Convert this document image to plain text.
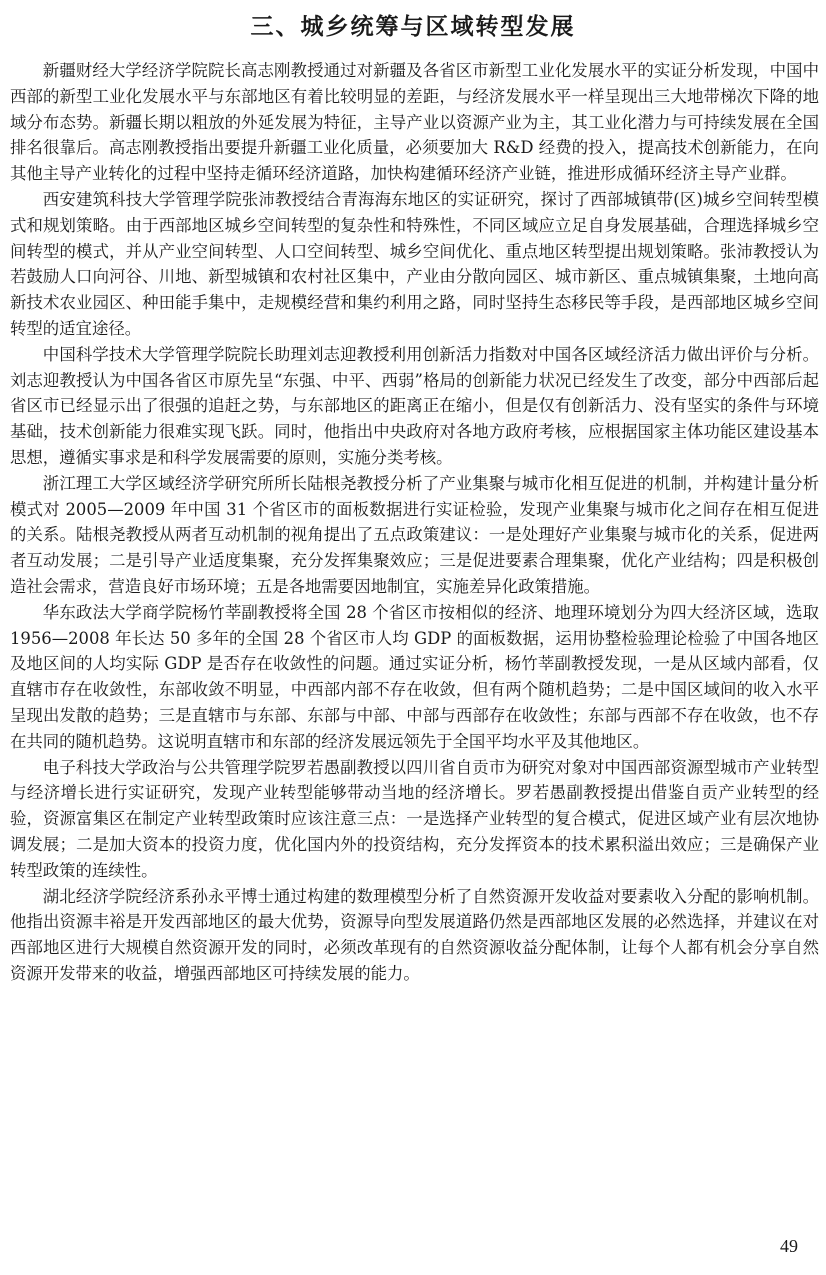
三、城乡统筹与区域转型发展

新疆财经大学经济学院院长高志刚教授通过对新疆及各省区市新型工业化发展水平的实证分析发现，中国中西部的新型工业化发展水平与东部地区有着比较明显的差距，与经济发展水平一样呈现出三大地带梯次下降的地域分布态势。新疆长期以粗放的外延发展为特征，主导产业以资源产业为主，其工业化潜力与可持续发展在全国排名很靠后。高志刚教授指出要提升新疆工业化质量，必须要加大 R&D 经费的投入，提高技术创新能力，在向其他主导产业转化的过程中坚持走循环经济道路，加快构建循环经济产业链，推进形成循环经济主导产业群。

西安建筑科技大学管理学院张沛教授结合青海海东地区的实证研究，探讨了西部城镇带(区)城乡空间转型模式和规划策略。由于西部地区城乡空间转型的复杂性和特殊性，不同区域应立足自身发展基础，合理选择城乡空间转型的模式，并从产业空间转型、人口空间转型、城乡空间优化、重点地区转型提出规划策略。张沛教授认为若鼓励人口向河谷、川地、新型城镇和农村社区集中，产业由分散向园区、城市新区、重点城镇集聚，土地向高新技术农业园区、种田能手集中，走规模经营和集约利用之路，同时坚持生态移民等手段，是西部地区城乡空间转型的适宜途径。

中国科学技术大学管理学院院长助理刘志迎教授利用创新活力指数对中国各区域经济活力做出评价与分析。刘志迎教授认为中国各省区市原先呈“东强、中平、西弱”格局的创新能力状况已经发生了改变，部分中西部后起省区市已经显示出了很强的追赶之势，与东部地区的距离正在缩小，但是仅有创新活力、没有坚实的条件与环境基础，技术创新能力很难实现飞跃。同时，他指出中央政府对各地方政府考核，应根据国家主体功能区建设基本思想，遵循实事求是和科学发展需要的原则，实施分类考核。

浙江理工大学区域经济学研究所所长陆根尧教授分析了产业集聚与城市化相互促进的机制，并构建计量分析模式对 2005—2009 年中国 31 个省区市的面板数据进行实证检验，发现产业集聚与城市化之间存在相互促进的关系。陆根尧教授从两者互动机制的视角提出了五点政策建议：一是处理好产业集聚与城市化的关系，促进两者互动发展；二是引导产业适度集聚，充分发挥集聚效应；三是促进要素合理集聚，优化产业结构；四是积极创造社会需求，营造良好市场环境；五是各地需要因地制宜，实施差异化政策措施。

华东政法大学商学院杨竹莘副教授将全国 28 个省区市按相似的经济、地理环境划分为四大经济区域，选取 1956—2008 年长达 50 多年的全国 28 个省区市人均 GDP 的面板数据，运用协整检验理论检验了中国各地区及地区间的人均实际 GDP 是否存在收敛性的问题。通过实证分析，杨竹莘副教授发现，一是从区域内部看，仅直辖市存在收敛性，东部收敛不明显，中西部内部不存在收敛，但有两个随机趋势；二是中国区域间的收入水平呈现出发散的趋势；三是直辖市与东部、东部与中部、中部与西部存在收敛性；东部与西部不存在收敛，也不存在共同的随机趋势。这说明直辖市和东部的经济发展远领先于全国平均水平及其他地区。

电子科技大学政治与公共管理学院罗若愚副教授以四川省自贡市为研究对象对中国西部资源型城市产业转型与经济增长进行实证研究，发现产业转型能够带动当地的经济增长。罗若愚副教授提出借鉴自贡产业转型的经验，资源富集区在制定产业转型政策时应该注意三点：一是选择产业转型的复合模式，促进区域产业有层次地协调发展；二是加大资本的投资力度，优化国内外的投资结构，充分发挥资本的技术累积溢出效应；三是确保产业转型政策的连续性。

湖北经济学院经济系孙永平博士通过构建的数理模型分析了自然资源开发收益对要素收入分配的影响机制。他指出资源丰裕是开发西部地区的最大优势，资源导向型发展道路仍然是西部地区发展的必然选择，并建议在对西部地区进行大规模自然资源开发的同时，必须改革现有的自然资源收益分配体制，让每个人都有机会分享自然资源开发带来的收益，增强西部地区可持续发展的能力。

49
